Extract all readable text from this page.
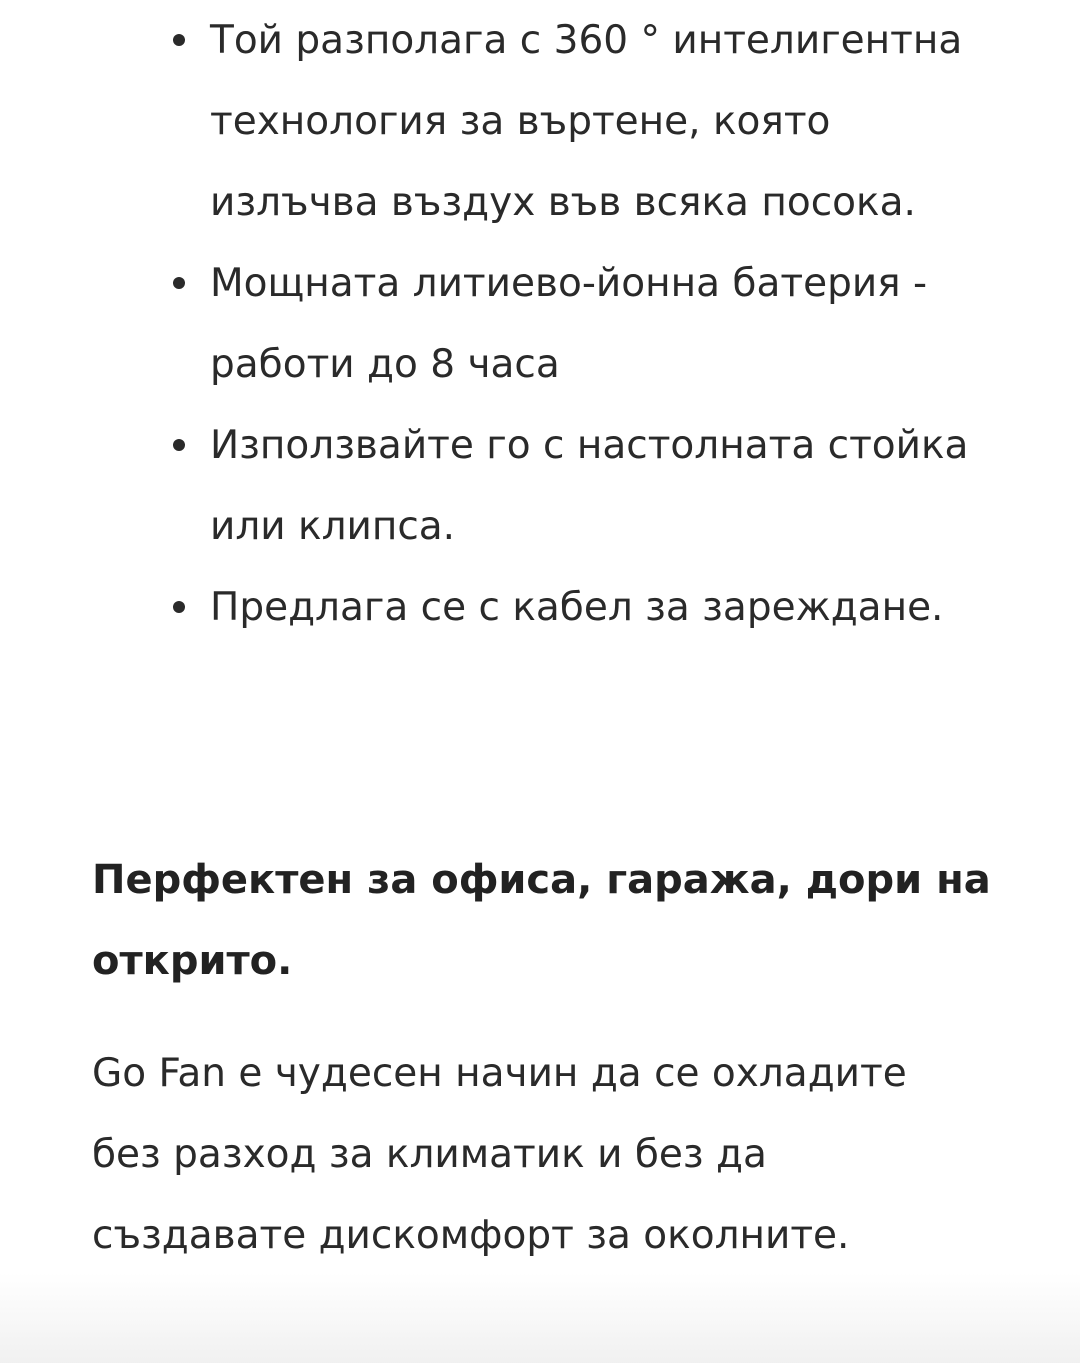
Той разполага с 360 ° интелигентна технология за въртене, която излъчва въздух във всяка посока.
Мощната литиево-йонна батерия - работи до 8 часа
Използвайте го с настолната стойка или клипса.
Предлага се с кабел за зареждане.
Перфектен за офиса, гаража, дори на открито.

Go Fan е чудесен начин да се охладите без разход за климатик и без да създавате дискомфорт за околните.
